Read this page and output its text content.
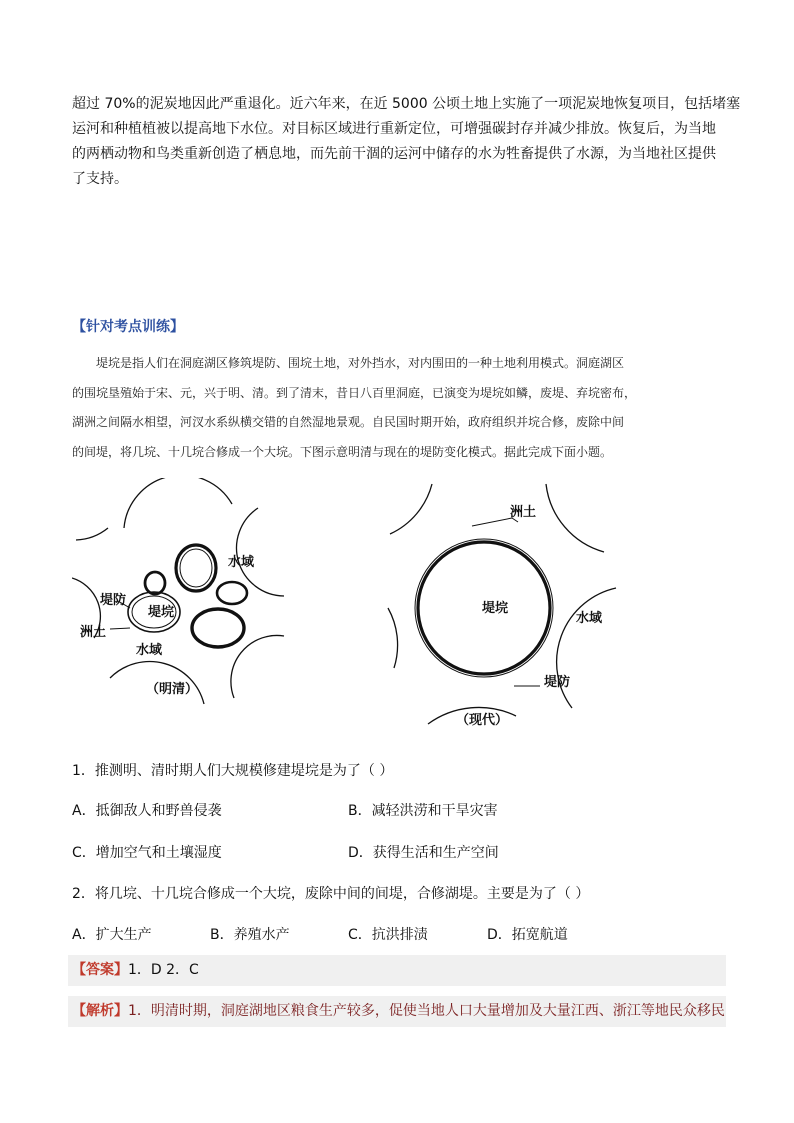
超过 70%的泥炭地因此严重退化。近六年来，在近 5000 公顷土地上实施了一项泥炭地恢复项目，包括堵塞
运河和种植植被以提高地下水位。对目标区域进行重新定位，可增强碳封存并减少排放。恢复后，为当地
的两栖动物和鸟类重新创造了栖息地，而先前干涸的运河中储存的水为牲畜提供了水源，为当地社区提供
了支持。

【针对考点训练】

堤垸是指人们在洞庭湖区修筑堤防、围垸土地，对外挡水，对内围田的一种土地利用模式。洞庭湖区
的围垸垦殖始于宋、元，兴于明、清。到了清末，昔日八百里洞庭，已演变为堤垸如鳞，废堤、弃垸密布，
湖洲之间隔水相望，河汊水系纵横交错的自然湿地景观。自民国时期开始，政府组织并垸合修，废除中间
的间堤，将几垸、十几垸合修成一个大垸。下图示意明清与现在的堤防变化模式。据此完成下面小题。
水域
堤防
堤垸
洲土
水域
（明清）
洲土
堤垸
水域
堤防
（现代）

1．推测明、清时期人们大规模修建堤垸是为了（ ）

A．抵御敌人和野兽侵袭	B．减轻洪涝和干旱灾害
C．增加空气和土壤湿度	D．获得生活和生产空间

2．将几垸、十几垸合修成一个大垸，废除中间的间堤，合修湖堤。主要是为了（ ）

A．扩大生产	B．养殖水产	C．抗洪排渍	D．拓宽航道

【答案】1．D 2．C

【解析】1．明清时期，洞庭湖地区粮食生产较多，促使当地人口大量增加及大量江西、浙江等地民众移民
